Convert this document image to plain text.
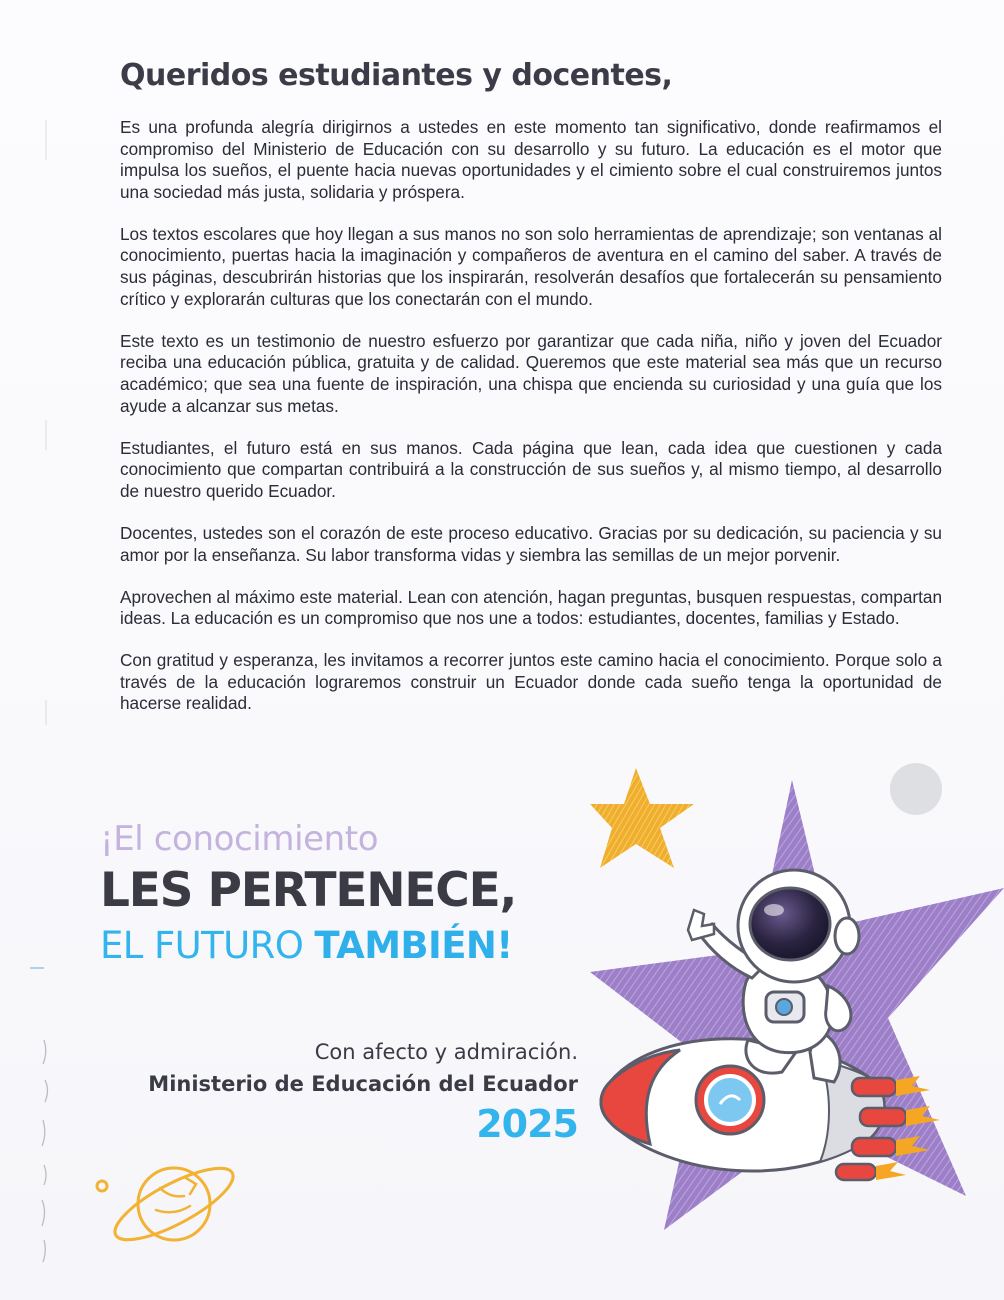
Queridos estudiantes y docentes,

Es una profunda alegría dirigirnos a ustedes en este momento tan significativo, donde reafirmamos el compromiso del Ministerio de Educación con su desarrollo y su futuro. La educación es el motor que impulsa los sueños, el puente hacia nuevas oportunidades y el cimiento sobre el cual construiremos juntos una sociedad más justa, solidaria y próspera.

Los textos escolares que hoy llegan a sus manos no son solo herramientas de aprendizaje; son ventanas al conocimiento, puertas hacia la imaginación y compañeros de aventura en el camino del saber. A través de sus páginas, descubrirán historias que los inspirarán, resolverán desafíos que fortalecerán su pensamiento crítico y explorarán culturas que los conectarán con el mundo.

Este texto es un testimonio de nuestro esfuerzo por garantizar que cada niña, niño y joven del Ecuador reciba una educación pública, gratuita y de calidad. Queremos que este material sea más que un recurso académico; que sea una fuente de inspiración, una chispa que encienda su curiosidad y una guía que los ayude a alcanzar sus metas.

Estudiantes, el futuro está en sus manos. Cada página que lean, cada idea que cuestionen y cada conocimiento que compartan contribuirá a la construcción de sus sueños y, al mismo tiempo, al desarrollo de nuestro querido Ecuador.

Docentes, ustedes son el corazón de este proceso educativo. Gracias por su dedicación, su paciencia y su amor por la enseñanza. Su labor transforma vidas y siembra las semillas de un mejor porvenir.

Aprovechen al máximo este material. Lean con atención, hagan preguntas, busquen respuestas, compartan ideas. La educación es un compromiso que nos une a todos: estudiantes, docentes, familias y Estado.

Con gratitud y esperanza, les invitamos a recorrer juntos este camino hacia el conocimiento. Porque solo a través de la educación lograremos construir un Ecuador donde cada sueño tenga la oportunidad de hacerse realidad.

¡El conocimiento
LES PERTENECE,
EL FUTURO TAMBIÉN!
Con afecto y admiración.
Ministerio de Educación del Ecuador
2025
